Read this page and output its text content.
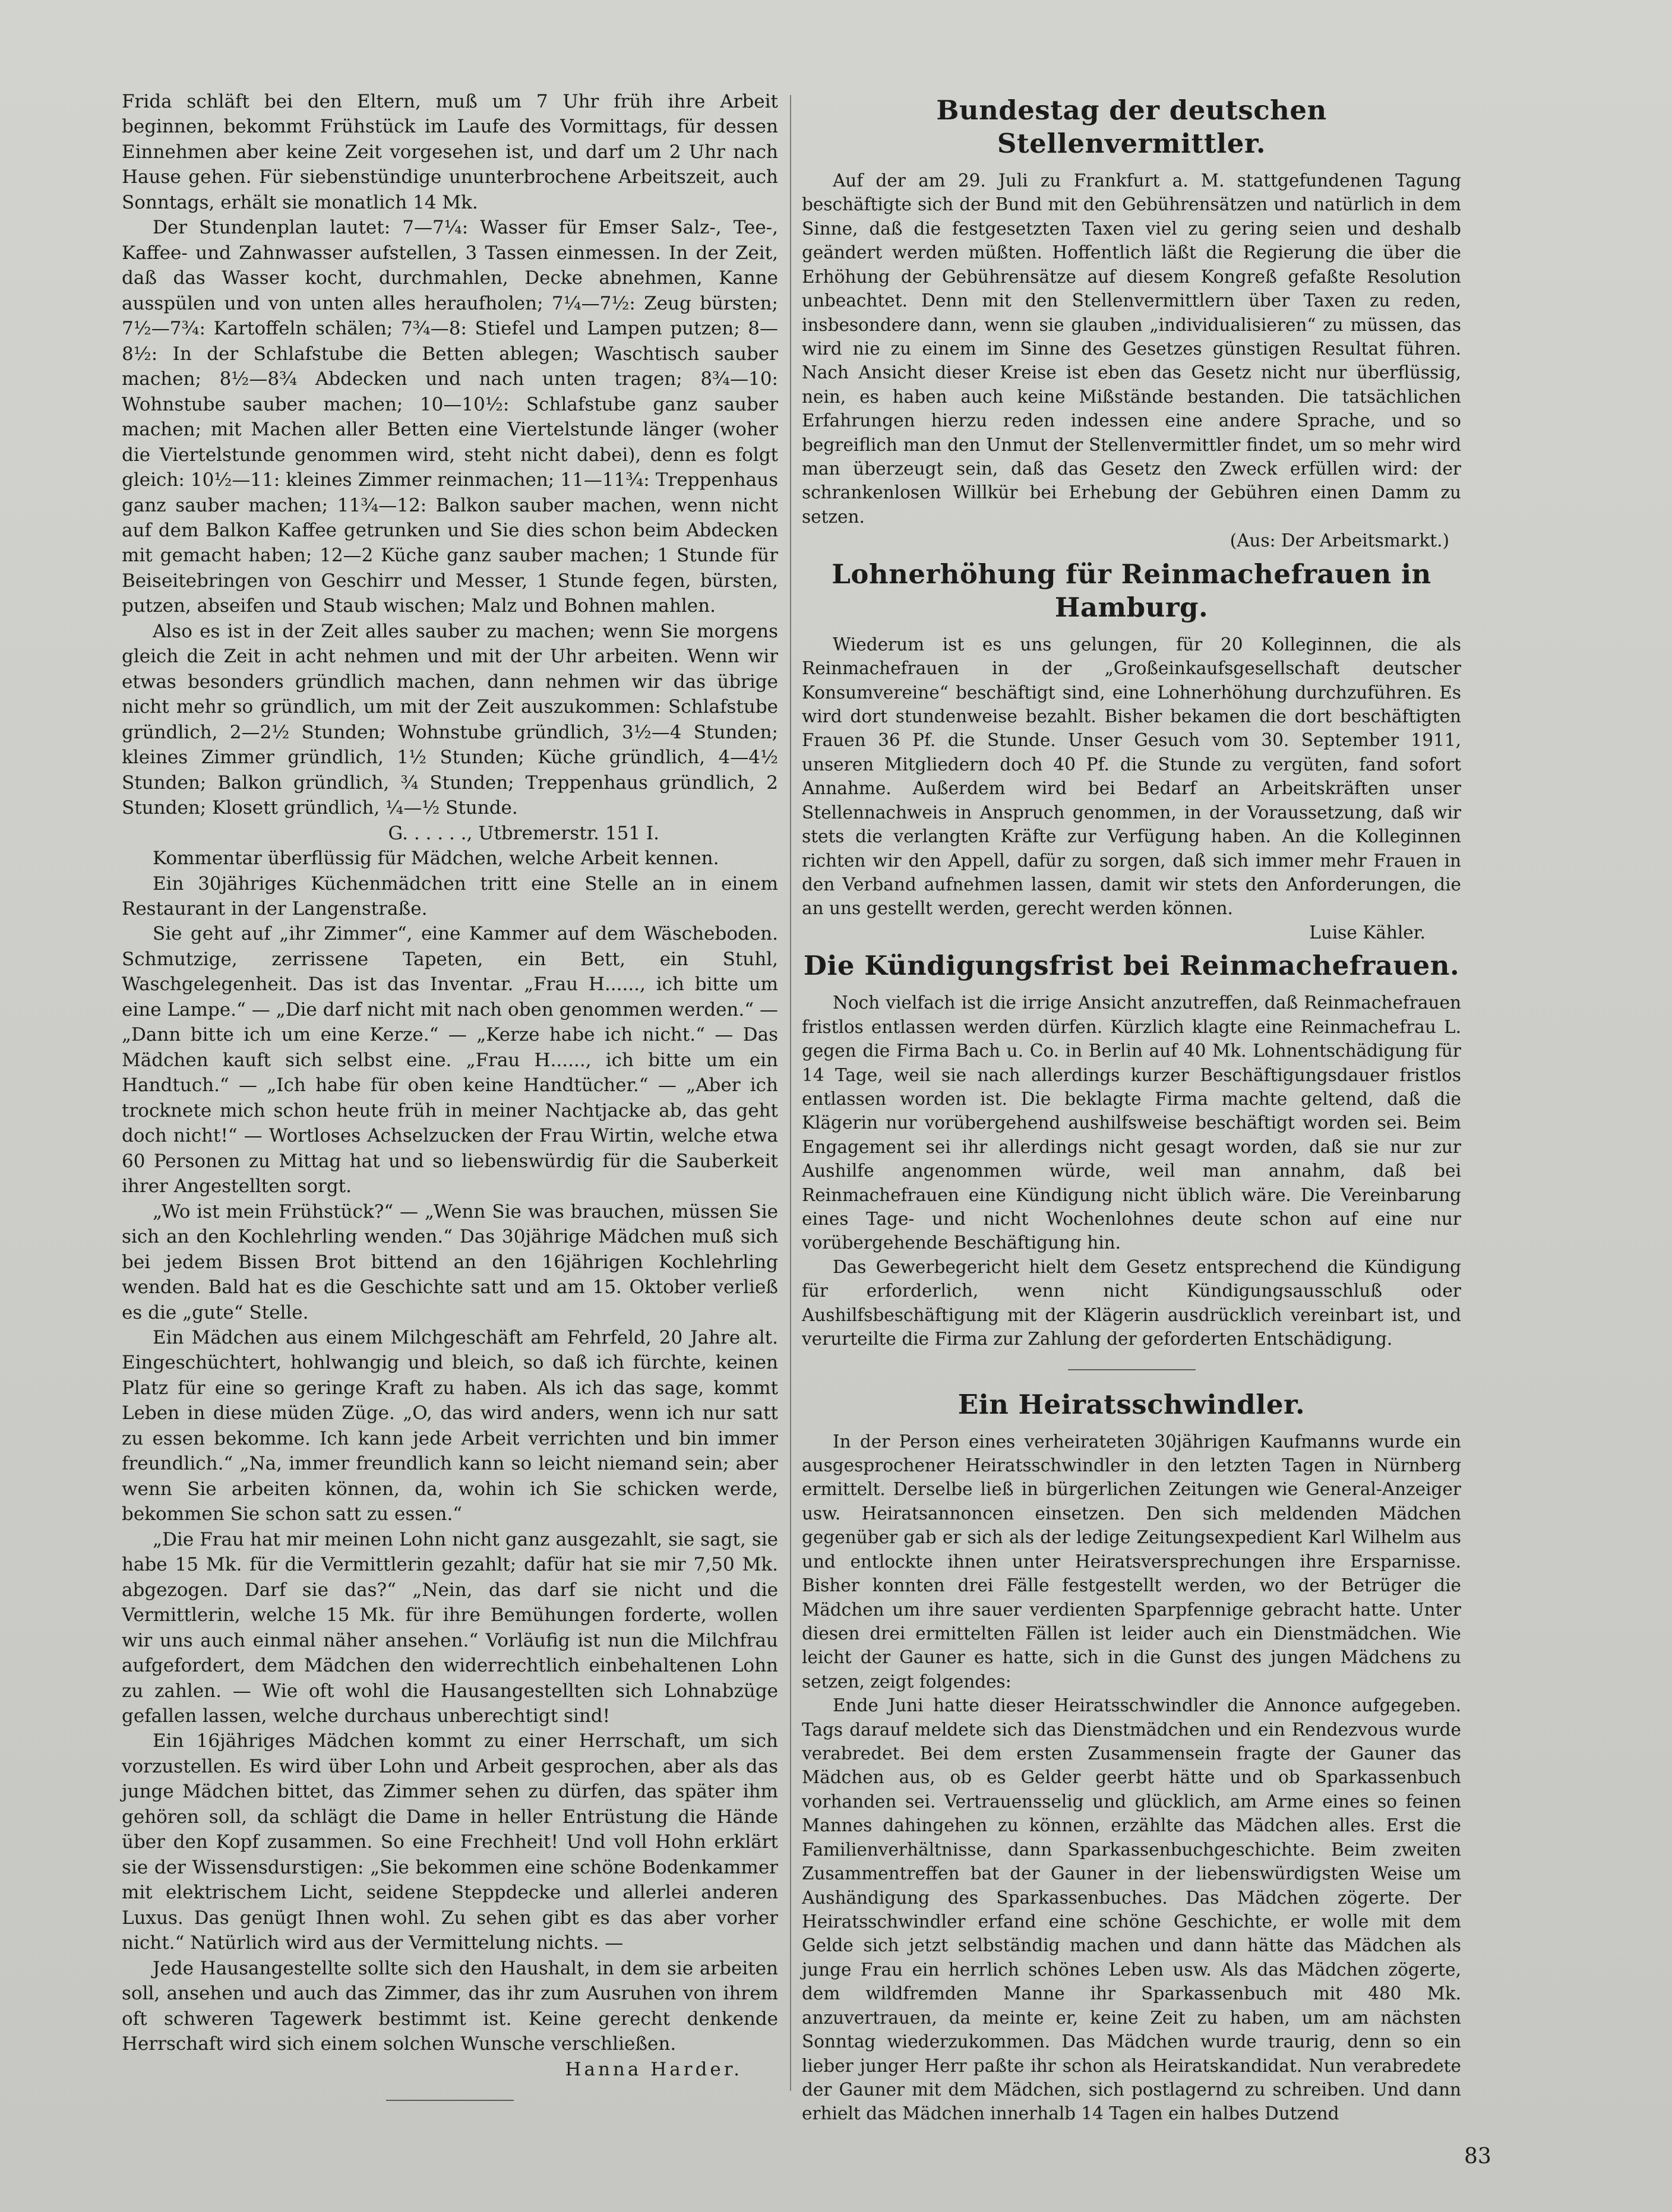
Frida schläft bei den Eltern, muß um 7 Uhr früh ihre Arbeit beginnen, bekommt Frühstück im Laufe des Vormittags, für dessen Einnehmen aber keine Zeit vorgesehen ist, und darf um 2 Uhr nach Hause gehen. Für siebenstündige ununterbrochene Arbeitszeit, auch Sonntags, erhält sie monatlich 14 Mk.

Der Stundenplan lautet: 7—7¼: Wasser für Emser Salz-, Tee-, Kaffee- und Zahnwasser aufstellen, 3 Tassen einmessen. In der Zeit, daß das Wasser kocht, durchmahlen, Decke abnehmen, Kanne ausspülen und von unten alles heraufholen; 7¼—7½: Zeug bürsten; 7½—7¾: Kartoffeln schälen; 7¾—8: Stiefel und Lampen putzen; 8—8½: In der Schlafstube die Betten ablegen; Waschtisch sauber machen; 8½—8¾ Abdecken und nach unten tragen; 8¾—10: Wohnstube sauber machen; 10—10½: Schlafstube ganz sauber machen; mit Machen aller Betten eine Viertelstunde länger (woher die Viertelstunde genommen wird, steht nicht dabei), denn es folgt gleich: 10½—11: kleines Zimmer reinmachen; 11—11¾: Treppenhaus ganz sauber machen; 11¾—12: Balkon sauber machen, wenn nicht auf dem Balkon Kaffee getrunken und Sie dies schon beim Abdecken mit gemacht haben; 12—2 Küche ganz sauber machen; 1 Stunde für Beiseitebringen von Geschirr und Messer, 1 Stunde fegen, bürsten, putzen, abseifen und Staub wischen; Malz und Bohnen mahlen.

Also es ist in der Zeit alles sauber zu machen; wenn Sie morgens gleich die Zeit in acht nehmen und mit der Uhr arbeiten. Wenn wir etwas besonders gründlich machen, dann nehmen wir das übrige nicht mehr so gründlich, um mit der Zeit auszukommen: Schlafstube gründlich, 2—2½ Stunden; Wohnstube gründlich, 3½—4 Stunden; kleines Zimmer gründlich, 1½ Stunden; Küche gründlich, 4—4½ Stunden; Balkon gründlich, ¾ Stunden; Treppenhaus gründlich, 2 Stunden; Klosett gründlich, ¼—½ Stunde.

G. . . . . ., Utbremerstr. 151 I.

Kommentar überflüssig für Mädchen, welche Arbeit kennen.

Ein 30jähriges Küchenmädchen tritt eine Stelle an in einem Restaurant in der Langenstraße.

Sie geht auf „ihr Zimmer“, eine Kammer auf dem Wäscheboden. Schmutzige, zerrissene Tapeten, ein Bett, ein Stuhl, Waschgelegenheit. Das ist das Inventar. „Frau H......, ich bitte um eine Lampe.“ — „Die darf nicht mit nach oben genommen werden.“ — „Dann bitte ich um eine Kerze.“ — „Kerze habe ich nicht.“ — Das Mädchen kauft sich selbst eine. „Frau H......, ich bitte um ein Handtuch.“ — „Ich habe für oben keine Handtücher.“ — „Aber ich trocknete mich schon heute früh in meiner Nachtjacke ab, das geht doch nicht!“ — Wortloses Achselzucken der Frau Wirtin, welche etwa 60 Personen zu Mittag hat und so liebenswürdig für die Sauberkeit ihrer Angestellten sorgt.

„Wo ist mein Frühstück?“ — „Wenn Sie was brauchen, müssen Sie sich an den Kochlehrling wenden.“ Das 30jährige Mädchen muß sich bei jedem Bissen Brot bittend an den 16jährigen Kochlehrling wenden. Bald hat es die Geschichte satt und am 15. Oktober verließ es die „gute“ Stelle.

Ein Mädchen aus einem Milchgeschäft am Fehrfeld, 20 Jahre alt. Eingeschüchtert, hohlwangig und bleich, so daß ich fürchte, keinen Platz für eine so geringe Kraft zu haben. Als ich das sage, kommt Leben in diese müden Züge. „O, das wird anders, wenn ich nur satt zu essen bekomme. Ich kann jede Arbeit verrichten und bin immer freundlich.“ „Na, immer freundlich kann so leicht niemand sein; aber wenn Sie arbeiten können, da, wohin ich Sie schicken werde, bekommen Sie schon satt zu essen.“

„Die Frau hat mir meinen Lohn nicht ganz ausgezahlt, sie sagt, sie habe 15 Mk. für die Vermittlerin gezahlt; dafür hat sie mir 7,50 Mk. abgezogen. Darf sie das?“ „Nein, das darf sie nicht und die Vermittlerin, welche 15 Mk. für ihre Bemühungen forderte, wollen wir uns auch einmal näher ansehen.“ Vorläufig ist nun die Milchfrau aufgefordert, dem Mädchen den widerrechtlich einbehaltenen Lohn zu zahlen. — Wie oft wohl die Hausangestellten sich Lohnabzüge gefallen lassen, welche durchaus unberechtigt sind!

Ein 16jähriges Mädchen kommt zu einer Herrschaft, um sich vorzustellen. Es wird über Lohn und Arbeit gesprochen, aber als das junge Mädchen bittet, das Zimmer sehen zu dürfen, das später ihm gehören soll, da schlägt die Dame in heller Entrüstung die Hände über den Kopf zusammen. So eine Frechheit! Und voll Hohn erklärt sie der Wissensdurstigen: „Sie bekommen eine schöne Bodenkammer mit elektrischem Licht, seidene Steppdecke und allerlei anderen Luxus. Das genügt Ihnen wohl. Zu sehen gibt es das aber vorher nicht.“ Natürlich wird aus der Vermittelung nichts. —

Jede Hausangestellte sollte sich den Haushalt, in dem sie arbeiten soll, ansehen und auch das Zimmer, das ihr zum Ausruhen von ihrem oft schweren Tagewerk bestimmt ist. Keine gerecht denkende Herrschaft wird sich einem solchen Wunsche verschließen.

Hanna Harder.

Bundestag der deutschen Stellenvermittler.

Auf der am 29. Juli zu Frankfurt a. M. stattgefundenen Tagung beschäftigte sich der Bund mit den Gebührensätzen und natürlich in dem Sinne, daß die festgesetzten Taxen viel zu gering seien und deshalb geändert werden müßten. Hoffentlich läßt die Regierung die über die Erhöhung der Gebührensätze auf diesem Kongreß gefaßte Resolution unbeachtet. Denn mit den Stellenvermittlern über Taxen zu reden, insbesondere dann, wenn sie glauben „individualisieren“ zu müssen, das wird nie zu einem im Sinne des Gesetzes günstigen Resultat führen. Nach Ansicht dieser Kreise ist eben das Gesetz nicht nur überflüssig, nein, es haben auch keine Mißstände bestanden. Die tatsächlichen Erfahrungen hierzu reden indessen eine andere Sprache, und so begreiflich man den Unmut der Stellenvermittler findet, um so mehr wird man überzeugt sein, daß das Gesetz den Zweck erfüllen wird: der schrankenlosen Willkür bei Erhebung der Gebühren einen Damm zu setzen.

(Aus: Der Arbeitsmarkt.)

Lohnerhöhung für Reinmachefrauen in Hamburg.

Wiederum ist es uns gelungen, für 20 Kolleginnen, die als Reinmachefrauen in der „Großeinkaufsgesellschaft deutscher Konsumvereine“ beschäftigt sind, eine Lohnerhöhung durchzuführen. Es wird dort stundenweise bezahlt. Bisher bekamen die dort beschäftigten Frauen 36 Pf. die Stunde. Unser Gesuch vom 30. September 1911, unseren Mitgliedern doch 40 Pf. die Stunde zu vergüten, fand sofort Annahme. Außerdem wird bei Bedarf an Arbeitskräften unser Stellennachweis in Anspruch genommen, in der Voraussetzung, daß wir stets die verlangten Kräfte zur Verfügung haben. An die Kolleginnen richten wir den Appell, dafür zu sorgen, daß sich immer mehr Frauen in den Verband aufnehmen lassen, damit wir stets den Anforderungen, die an uns gestellt werden, gerecht werden können.

Luise Kähler.

Die Kündigungsfrist bei Reinmachefrauen.

Noch vielfach ist die irrige Ansicht anzutreffen, daß Reinmachefrauen fristlos entlassen werden dürfen. Kürzlich klagte eine Reinmachefrau L. gegen die Firma Bach u. Co. in Berlin auf 40 Mk. Lohnentschädigung für 14 Tage, weil sie nach allerdings kurzer Beschäftigungsdauer fristlos entlassen worden ist. Die beklagte Firma machte geltend, daß die Klägerin nur vorübergehend aushilfsweise beschäftigt worden sei. Beim Engagement sei ihr allerdings nicht gesagt worden, daß sie nur zur Aushilfe angenommen würde, weil man annahm, daß bei Reinmachefrauen eine Kündigung nicht üblich wäre. Die Vereinbarung eines Tage- und nicht Wochenlohnes deute schon auf eine nur vorübergehende Beschäftigung hin.

Das Gewerbegericht hielt dem Gesetz entsprechend die Kündigung für erforderlich, wenn nicht Kündigungsausschluß oder Aushilfsbeschäftigung mit der Klägerin ausdrücklich vereinbart ist, und verurteilte die Firma zur Zahlung der geforderten Entschädigung.

Ein Heiratsschwindler.

In der Person eines verheirateten 30jährigen Kaufmanns wurde ein ausgesprochener Heiratsschwindler in den letzten Tagen in Nürnberg ermittelt. Derselbe ließ in bürgerlichen Zeitungen wie General-Anzeiger usw. Heiratsannoncen einsetzen. Den sich meldenden Mädchen gegenüber gab er sich als der ledige Zeitungsexpedient Karl Wilhelm aus und entlockte ihnen unter Heiratsversprechungen ihre Ersparnisse. Bisher konnten drei Fälle festgestellt werden, wo der Betrüger die Mädchen um ihre sauer verdienten Sparpfennige gebracht hatte. Unter diesen drei ermittelten Fällen ist leider auch ein Dienstmädchen. Wie leicht der Gauner es hatte, sich in die Gunst des jungen Mädchens zu setzen, zeigt folgendes:

Ende Juni hatte dieser Heiratsschwindler die Annonce aufgegeben. Tags darauf meldete sich das Dienstmädchen und ein Rendezvous wurde verabredet. Bei dem ersten Zusammensein fragte der Gauner das Mädchen aus, ob es Gelder geerbt hätte und ob Sparkassenbuch vorhanden sei. Vertrauensselig und glücklich, am Arme eines so feinen Mannes dahingehen zu können, erzählte das Mädchen alles. Erst die Familienverhältnisse, dann Sparkassenbuchgeschichte. Beim zweiten Zusammentreffen bat der Gauner in der liebenswürdigsten Weise um Aushändigung des Sparkassenbuches. Das Mädchen zögerte. Der Heiratsschwindler erfand eine schöne Geschichte, er wolle mit dem Gelde sich jetzt selbständig machen und dann hätte das Mädchen als junge Frau ein herrlich schönes Leben usw. Als das Mädchen zögerte, dem wildfremden Manne ihr Sparkassenbuch mit 480 Mk. anzuvertrauen, da meinte er, keine Zeit zu haben, um am nächsten Sonntag wiederzukommen. Das Mädchen wurde traurig, denn so ein lieber junger Herr paßte ihr schon als Heiratskandidat. Nun verabredete der Gauner mit dem Mädchen, sich postlagernd zu schreiben. Und dann erhielt das Mädchen innerhalb 14 Tagen ein halbes Dutzend

83
